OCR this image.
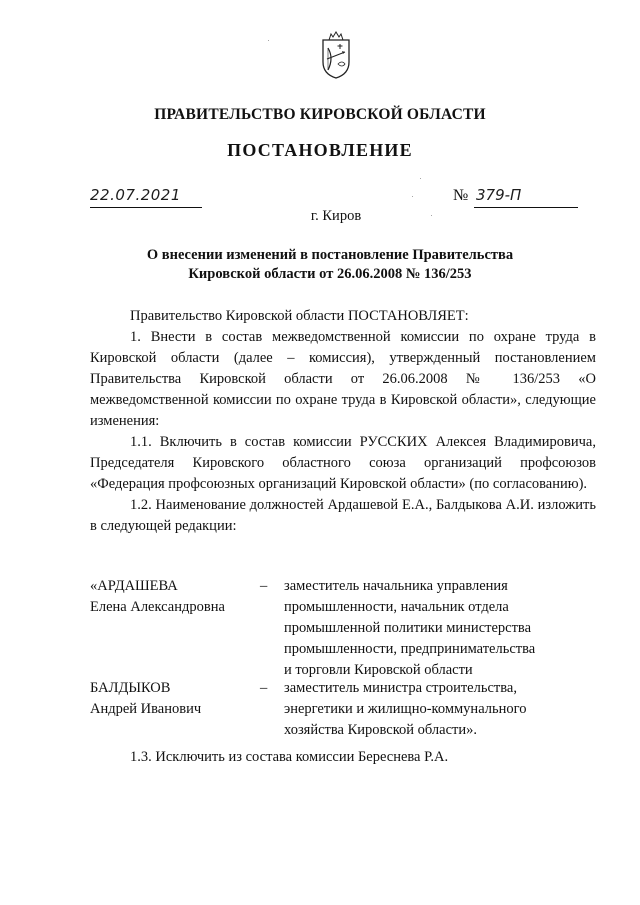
ПРАВИТЕЛЬСТВО КИРОВСКОЙ ОБЛАСТИ
ПОСТАНОВЛЕНИЕ
22.07.2021	№ 379-П
г. Киров
О внесении изменений в постановление Правительства
Кировской области от 26.06.2008 № 136/253

Правительство Кировской области ПОСТАНОВЛЯЕТ:

1. Внести в состав межведомственной комиссии по охране труда в Кировской области (далее – комиссия), утвержденный постановлением Правительства Кировской области от 26.06.2008 № 136/253 «О межведомственной комиссии по охране труда в Кировской области», следующие изменения:

1.1. Включить в состав комиссии РУССКИХ Алексея Владимировича, Председателя Кировского областного союза организаций профсоюзов «Федерация профсоюзных организаций Кировской области» (по согласованию).

1.2. Наименование должностей Ардашевой Е.А., Балдыкова А.И. изложить в следующей редакции:

«АРДАШЕВА
Елена Александровна
–	заместитель начальника управления
промышленности, начальник отдела
промышленной политики министерства
промышленности, предпринимательства
и торговли Кировской области
БАЛДЫКОВ
Андрей Иванович
–	заместитель министра строительства,
энергетики и жилищно-коммунального
хозяйства Кировской области».
1.3. Исключить из состава комиссии Береснева Р.А.
